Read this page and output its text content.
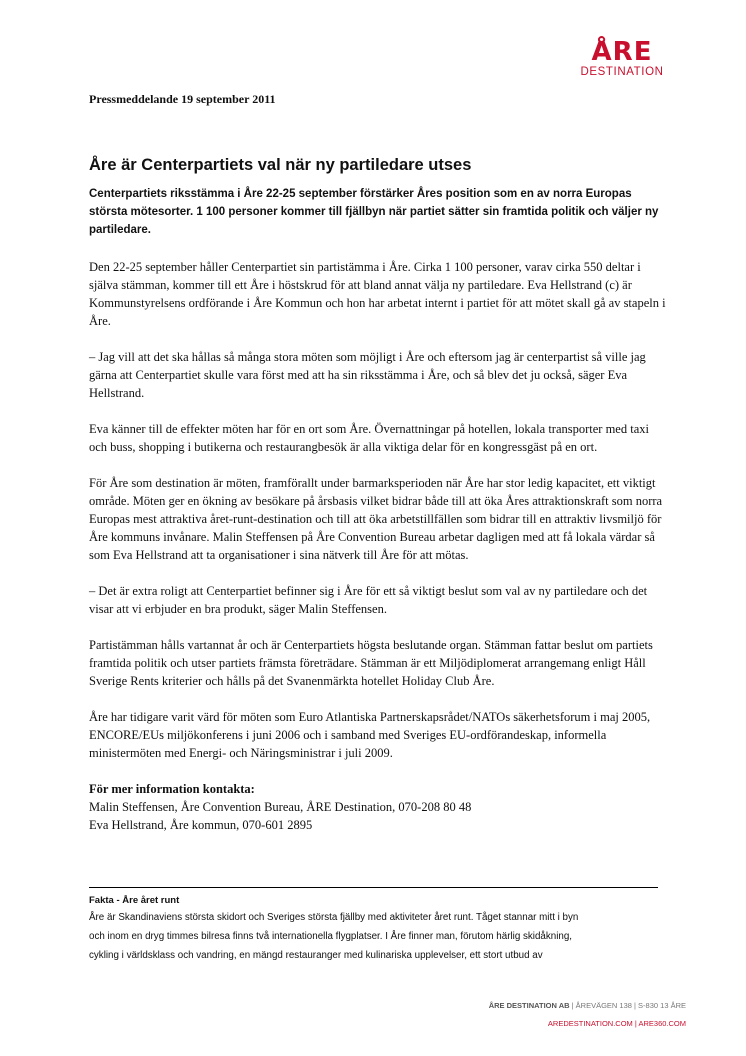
ÅRE
DESTINATION

Pressmeddelande 19 september 2011

Åre är Centerpartiets val när ny partiledare utses

Centerpartiets riksstämma i Åre 22-25 september förstärker Åres position som en av norra Europas största mötesorter. 1 100 personer kommer till fjällbyn när partiet sätter sin framtida politik och väljer ny partiledare.

Den 22-25 september håller Centerpartiet sin partistämma i Åre. Cirka 1 100 personer, varav cirka 550 deltar i själva stämman, kommer till ett Åre i höstskrud för att bland annat välja ny partiledare. Eva Hellstrand (c) är Kommunstyrelsens ordförande i Åre Kommun och hon har arbetat internt i partiet för att mötet skall gå av stapeln i Åre.

– Jag vill att det ska hållas så många stora möten som möjligt i Åre och eftersom jag är centerpartist så ville jag gärna att Centerpartiet skulle vara först med att ha sin riksstämma i Åre, och så blev det ju också, säger Eva Hellstrand.

Eva känner till de effekter möten har för en ort som Åre. Övernattningar på hotellen, lokala transporter med taxi och buss, shopping i butikerna och restaurangbesök är alla viktiga delar för en kongressgäst på en ort.

För Åre som destination är möten, framförallt under barmarksperioden när Åre har stor ledig kapacitet, ett viktigt område. Möten ger en ökning av besökare på årsbasis vilket bidrar både till att öka Åres attraktionskraft som norra Europas mest attraktiva året-runt-destination och till att öka arbetstillfällen som bidrar till en attraktiv livsmiljö för Åre kommuns invånare. Malin Steffensen på Åre Convention Bureau arbetar dagligen med att få lokala värdar så som Eva Hellstrand att ta organisationer i sina nätverk till Åre för att mötas.

– Det är extra roligt att Centerpartiet befinner sig i Åre för ett så viktigt beslut som val av ny partiledare och det visar att vi erbjuder en bra produkt, säger Malin Steffensen.

Partistämman hålls vartannat år och är Centerpartiets högsta beslutande organ. Stämman fattar beslut om partiets framtida politik och utser partiets främsta företrädare. Stämman är ett Miljödiplomerat arrangemang enligt Håll Sverige Rents kriterier och hålls på det Svanenmärkta hotellet Holiday Club Åre.

Åre har tidigare varit värd för möten som Euro Atlantiska Partnerskapsrådet/NATOs säkerhetsforum i maj 2005, ENCORE/EUs miljökonferens i juni 2006 och i samband med Sveriges EU-ordförandeskap, informella ministermöten med Energi- och Näringsministrar i juli 2009.

För mer information kontakta:
Malin Steffensen, Åre Convention Bureau, ÅRE Destination, 070-208 80 48
Eva Hellstrand, Åre kommun, 070-601 2895

Fakta - Åre året runt

Åre är Skandinaviens största skidort och Sveriges största fjällby med aktiviteter året runt. Tåget stannar mitt i byn

och inom en dryg timmes bilresa finns två internationella flygplatser. I Åre finner man, förutom härlig skidåkning,

cykling i världsklass och vandring, en mängd restauranger med kulinariska upplevelser, ett stort utbud av

ÅRE DESTINATION AB | ÅREVÄGEN 138 | S-830 13 ÅRE
AREDESTINATION.COM | ARE360.COM
